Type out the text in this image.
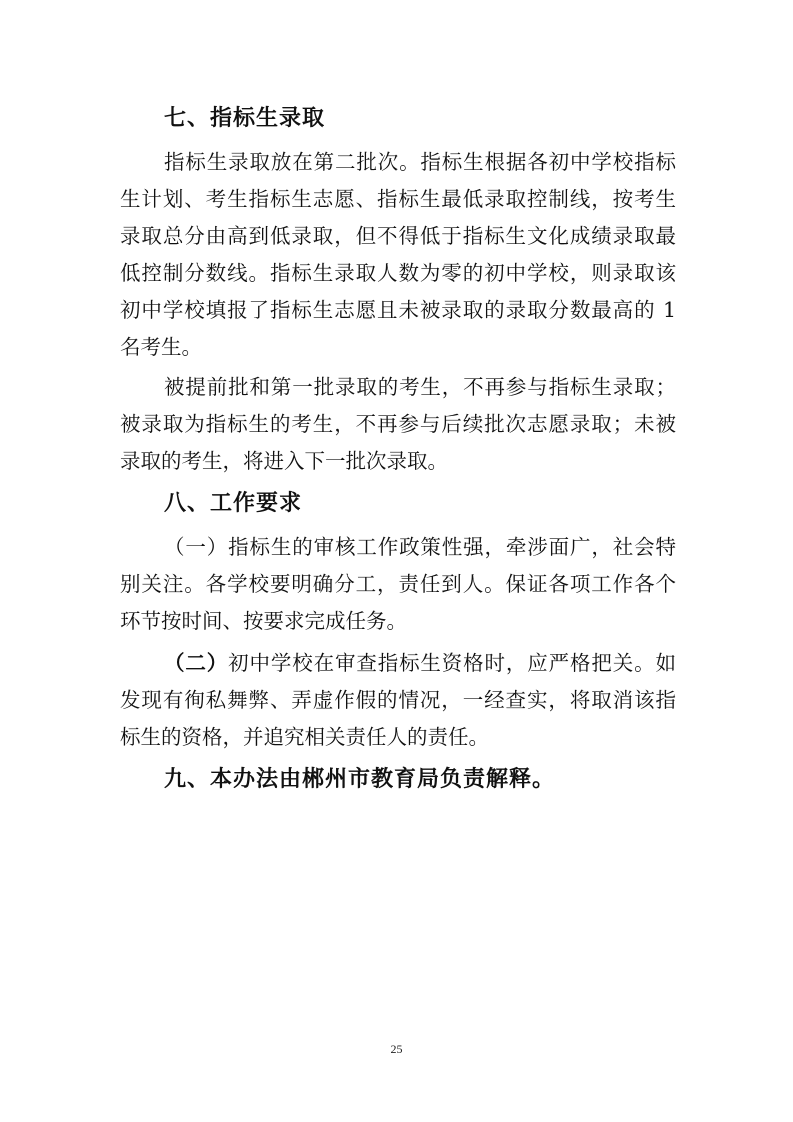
七、指标生录取
指标生录取放在第二批次。指标生根据各初中学校指标
生计划、考生指标生志愿、指标生最低录取控制线，按考生
录取总分由高到低录取，但不得低于指标生文化成绩录取最
低控制分数线。指标生录取人数为零的初中学校，则录取该
初中学校填报了指标生志愿且未被录取的录取分数最高的 1
名考生。
被提前批和第一批录取的考生，不再参与指标生录取；
被录取为指标生的考生，不再参与后续批次志愿录取；未被
录取的考生，将进入下一批次录取。
八、工作要求
（一）指标生的审核工作政策性强，牵涉面广，社会特
别关注。各学校要明确分工，责任到人。保证各项工作各个
环节按时间、按要求完成任务。
（二）初中学校在审查指标生资格时，应严格把关。如
发现有徇私舞弊、弄虚作假的情况，一经查实，将取消该指
标生的资格，并追究相关责任人的责任。
九、本办法由郴州市教育局负责解释。
25
